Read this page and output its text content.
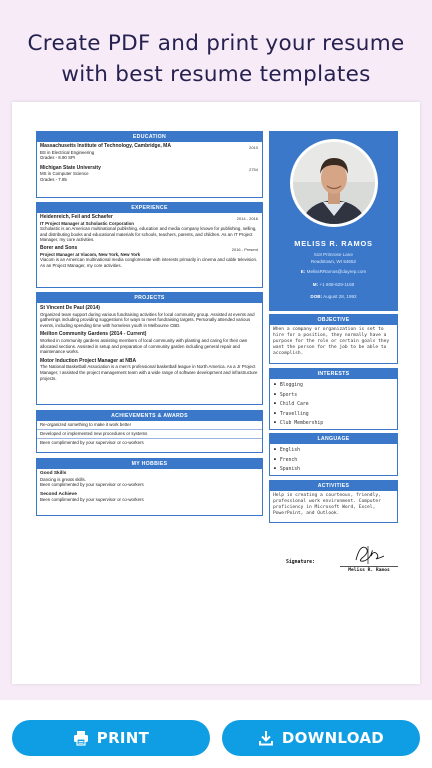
Create PDF and print your resume
with best resume templates
EDUCATION
Massachusetts Institute of Technology, Cambridge, MA	2010
BS in Electrical Engineering
Grades - 8.90 SPI
Michigan State University	2754
MS in Computer Science
Grades - 7.85
EXPERIENCE
Heidenreich, Feil and Schaefer	2014 - 2016
IT Project Manager at Scholastic Corporation
Scholastic is an American multinational publishing, education and media company known for publishing, selling, and distributing books and educational materials for schools, teachers, parents, and children. As an IT Project Manager, my core activities.
Borer and Sons	2016 - Present
Project Manager at Viacom, New York, New York
Viacom is an American multinational media conglomerate with interests primarily in cinema and cable television. As an Project Manager, my core activities.
PROJECTS
St Vincent De Paul (2014)
Organized team support during various fundraising activities for local community group. Assisted at events and gatherings including providing suggestions for ways to meet fundraising targets. Personally attended various events, including spending time with homeless youth in Melbourne CBD.
Meilton Community Gardens (2014 - Current)
Worked in community gardens assisting members of local community with planting and caring for their own allocated sections. Assisted in setup and preparation of community garden including general repair and maintenance works.
Motor Induction Project Manager at NBA
The National Basketball Association is a men's professional basketball league in North America. As a Jr Project Manager, I assisted the project management team with a wide range of software development and infrastructure projects.
ACHIEVEMENTS & AWARDS
Re-organized something to make it work better
Developed or implemented new procedures or systems
Been complimented by your supervisor or co-workers
MY HOBBIES
Good Skills
Dancing is greats skills.
Been complimented by your supervisor or co-workers
Second Achieve
Been complimented by your supervisor or co-workers
MELISS R. RAMOS
518 Primrose Lane
Readstown, WI 54652
E: MelissRRamos@dayrep.com
M: +1 608-629-1168
DOB: August 28, 1992
OBJECTIVE
When a company or organization is set to hire for a position, they normally have a purpose for the role or certain goals they want the person for the job to be able to accomplish.
INTERESTS
■ Blogging
■ Sports
■ Child Care
■ Travelling
■ Club Membership
LANGUAGE
■ English
■ French
■ Spanish
ACTIVITIES
Help in creating a courteous, friendly, professional work environment. Computer proficiency in Microsoft Word, Excel, PowerPoint, and Outlook.
Signature:
Meliss R. Ramos
PRINT	DOWNLOAD
